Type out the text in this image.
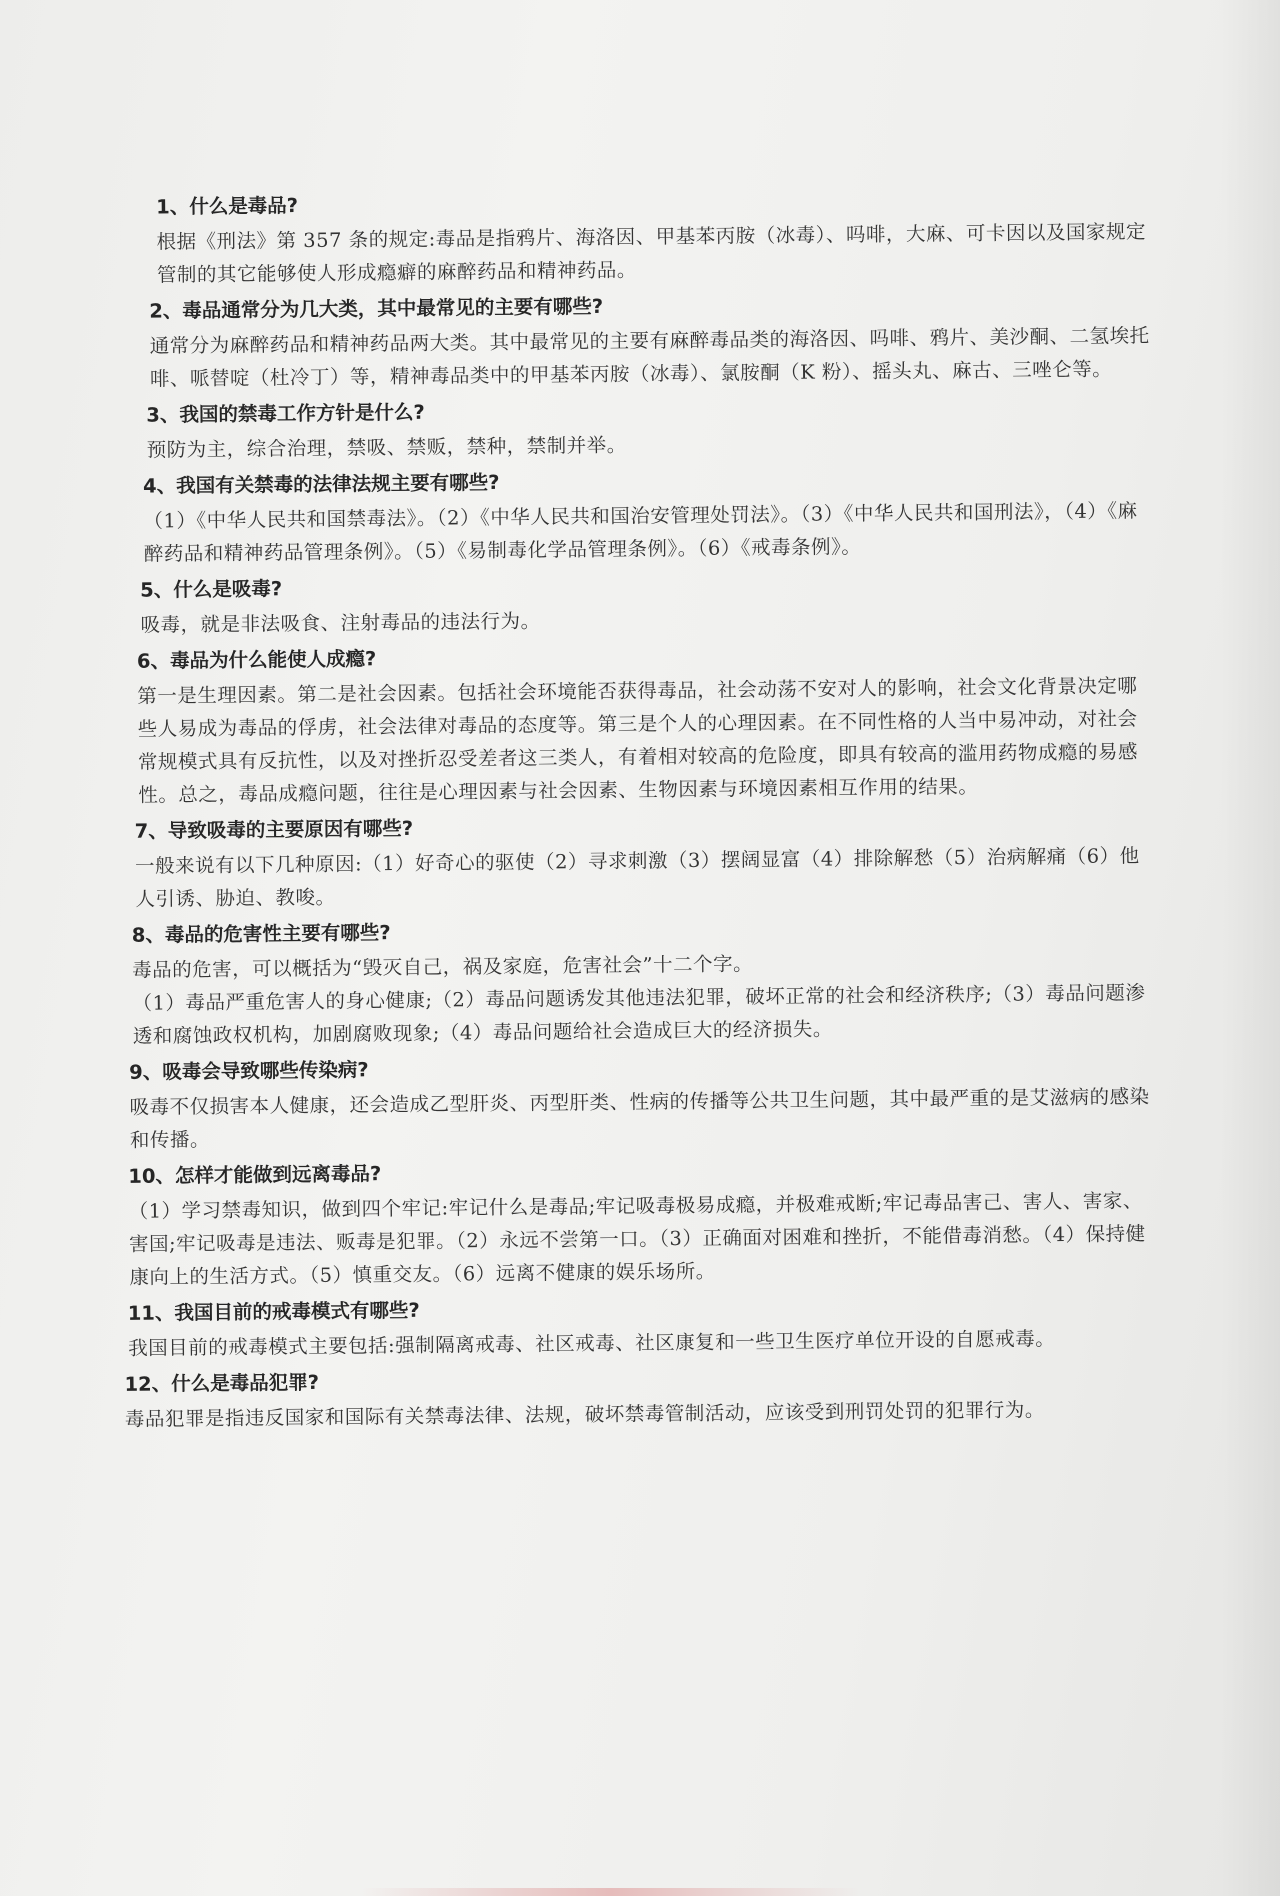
1、什么是毒品?

根据《刑法》第 357 条的规定:毒品是指鸦片、海洛因、甲基苯丙胺（冰毒）、吗啡，大麻、可卡因以及国家规定管制的其它能够使人形成瘾癖的麻醉药品和精神药品。

2、毒品通常分为几大类，其中最常见的主要有哪些?

通常分为麻醉药品和精神药品两大类。其中最常见的主要有麻醉毒品类的海洛因、吗啡、鸦片、美沙酮、二氢埃托啡、哌替啶（杜冷丁）等，精神毒品类中的甲基苯丙胺（冰毒）、氯胺酮（K 粉）、摇头丸、麻古、三唑仑等。

3、我国的禁毒工作方针是什么?

预防为主，综合治理，禁吸、禁贩，禁种，禁制并举。

4、我国有关禁毒的法律法规主要有哪些?

（1）《中华人民共和国禁毒法》。（2）《中华人民共和国治安管理处罚法》。（3）《中华人民共和国刑法》，（4）《麻醉药品和精神药品管理条例》。（5）《易制毒化学品管理条例》。（6）《戒毒条例》。

5、什么是吸毒?

吸毒，就是非法吸食、注射毒品的违法行为。

6、毒品为什么能使人成瘾?

第一是生理因素。第二是社会因素。包括社会环境能否获得毒品，社会动荡不安对人的影响，社会文化背景决定哪些人易成为毒品的俘虏，社会法律对毒品的态度等。第三是个人的心理因素。在不同性格的人当中易冲动，对社会常规模式具有反抗性，以及对挫折忍受差者这三类人，有着相对较高的危险度，即具有较高的滥用药物成瘾的易感性。总之，毒品成瘾问题，往往是心理因素与社会因素、生物因素与环境因素相互作用的结果。

7、导致吸毒的主要原因有哪些?

一般来说有以下几种原因:（1）好奇心的驱使（2）寻求刺激（3）摆阔显富（4）排除解愁（5）治病解痛（6）他人引诱、胁迫、教唆。

8、毒品的危害性主要有哪些?

毒品的危害，可以概括为“毁灭自己，祸及家庭，危害社会”十二个字。

（1）毒品严重危害人的身心健康;（2）毒品问题诱发其他违法犯罪，破坏正常的社会和经济秩序;（3）毒品问题渗透和腐蚀政权机构，加剧腐败现象;（4）毒品问题给社会造成巨大的经济损失。

9、吸毒会导致哪些传染病?

吸毒不仅损害本人健康，还会造成乙型肝炎、丙型肝类、性病的传播等公共卫生问题，其中最严重的是艾滋病的感染和传播。

10、怎样才能做到远离毒品?

（1）学习禁毒知识，做到四个牢记:牢记什么是毒品;牢记吸毒极易成瘾，并极难戒断;牢记毒品害己、害人、害家、害国;牢记吸毒是违法、贩毒是犯罪。（2）永远不尝第一口。（3）正确面对困难和挫折，不能借毒消愁。（4）保持健康向上的生活方式。（5）慎重交友。（6）远离不健康的娱乐场所。

11、我国目前的戒毒模式有哪些?

我国目前的戒毒模式主要包括:强制隔离戒毒、社区戒毒、社区康复和一些卫生医疗单位开设的自愿戒毒。

12、什么是毒品犯罪?

毒品犯罪是指违反国家和国际有关禁毒法律、法规，破坏禁毒管制活动，应该受到刑罚处罚的犯罪行为。
